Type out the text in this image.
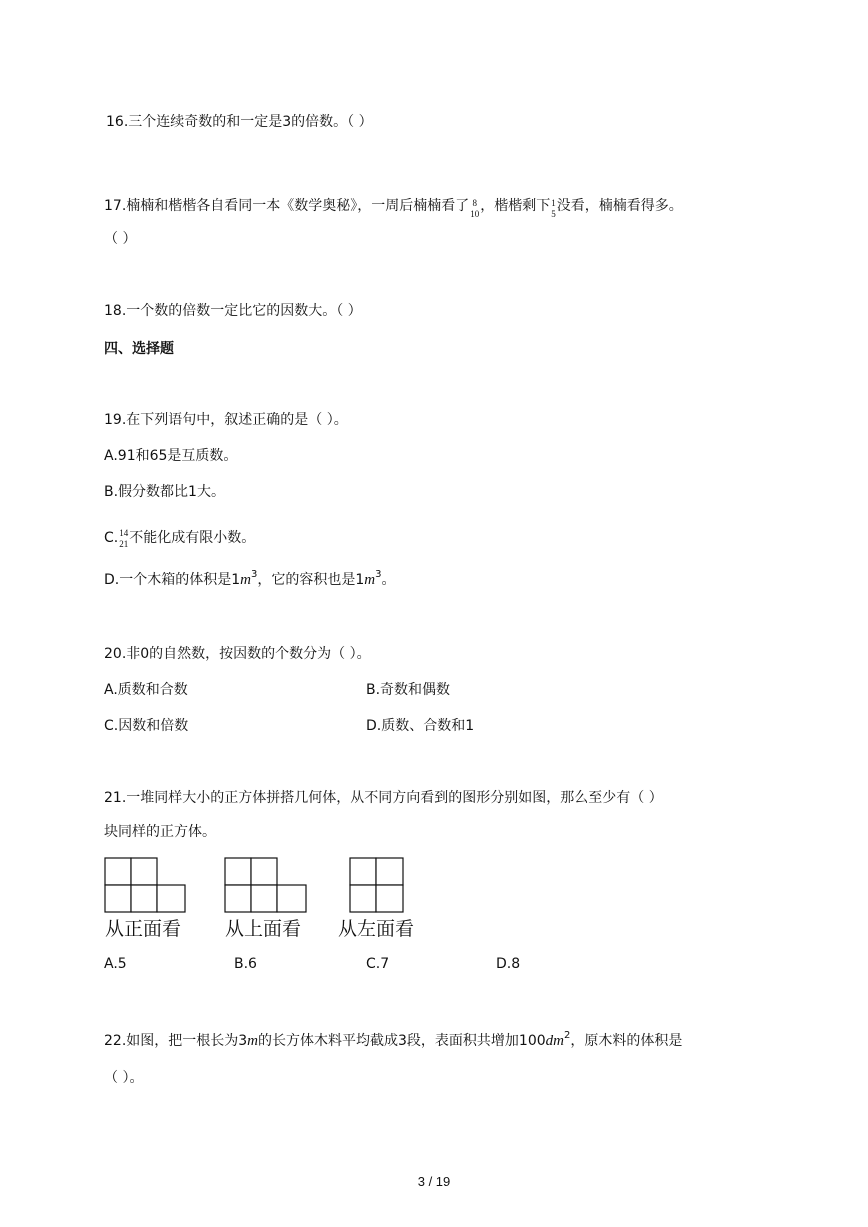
16.三个连续奇数的和一定是3的倍数。（ ）
17.楠楠和楷楷各自看同一本《数学奥秘》，一周后楠楠看了 8
10 ，楷楷剩下 1
5 没看，楠楠看得多。
（ ）
18.一个数的倍数一定比它的因数大。（ ）
四、选择题
19.在下列语句中，叙述正确的是（ ）。
A.91和65是互质数。
B.假分数都比1大。
C. 14
21 不能化成有限小数。
D.一个木箱的体积是$1m^3$，它的容积也是$1m^3$。
20.非0的自然数，按因数的个数分为（ ）。
A.质数和合数	B.奇数和偶数
C.因数和倍数	D.质数、合数和1
21.一堆同样大小的正方体拼搭几何体，从不同方向看到的图形分别如图，那么至少有（ ）
块同样的正方体。
从正面看 从上面看 从左面看
A.5	B.6	C.7	D.8
22.如图，把一根长为3m的长方体木料平均截成3段，表面积共增加$100dm^2$，原木料的体积是
（ ）。
3 / 19
